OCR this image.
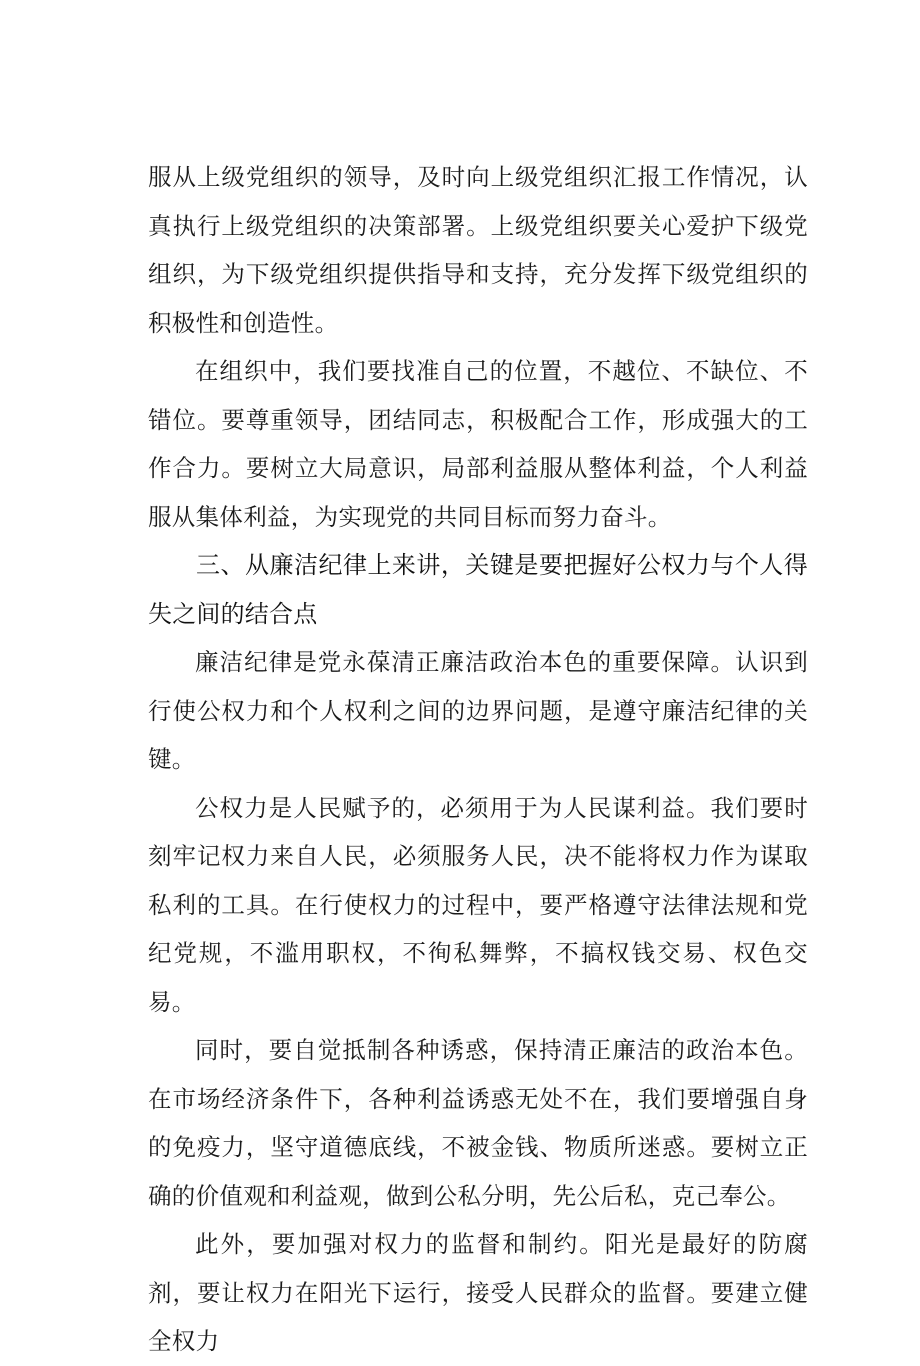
服从上级党组织的领导，及时向上级党组织汇报工作情况，认真执行上级党组织的决策部署。上级党组织要关心爱护下级党组织，为下级党组织提供指导和支持，充分发挥下级党组织的积极性和创造性。

在组织中，我们要找准自己的位置，不越位、不缺位、不错位。要尊重领导，团结同志，积极配合工作，形成强大的工作合力。要树立大局意识，局部利益服从整体利益，个人利益服从集体利益，为实现党的共同目标而努力奋斗。

三、从廉洁纪律上来讲，关键是要把握好公权力与个人得失之间的结合点

廉洁纪律是党永葆清正廉洁政治本色的重要保障。认识到行使公权力和个人权利之间的边界问题，是遵守廉洁纪律的关键。

公权力是人民赋予的，必须用于为人民谋利益。我们要时刻牢记权力来自人民，必须服务人民，决不能将权力作为谋取私利的工具。在行使权力的过程中，要严格遵守法律法规和党纪党规，不滥用职权，不徇私舞弊，不搞权钱交易、权色交易。

同时，要自觉抵制各种诱惑，保持清正廉洁的政治本色。在市场经济条件下，各种利益诱惑无处不在，我们要增强自身的免疫力，坚守道德底线，不被金钱、物质所迷惑。要树立正确的价值观和利益观，做到公私分明，先公后私，克己奉公。

此外，要加强对权力的监督和制约。阳光是最好的防腐剂，要让权力在阳光下运行，接受人民群众的监督。要建立健全权力
